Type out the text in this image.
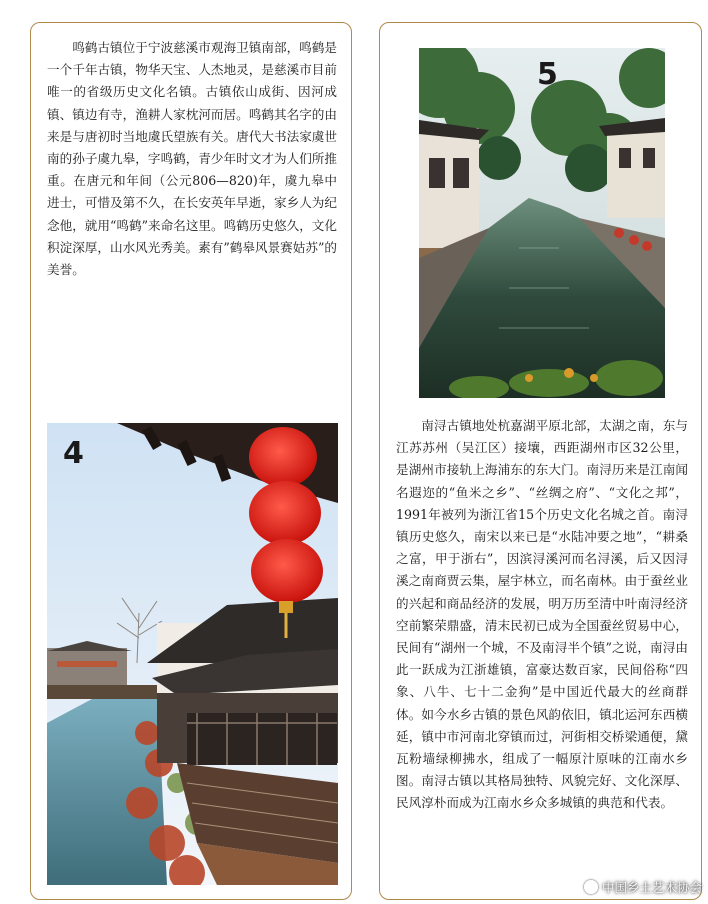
鸣鹤古镇位于宁波慈溪市观海卫镇南部，鸣鹤是一个千年古镇，物华天宝、人杰地灵，是慈溪市目前唯一的省级历史文化名镇。古镇依山成街、因河成镇、镇边有寺，渔耕人家枕河而居。鸣鹤其名字的由来是与唐初时当地虞氏望族有关。唐代大书法家虞世南的孙子虞九皋，字鸣鹤，青少年时文才为人们所推重。在唐元和年间（公元806—820)年，虞九皋中进士，可惜及第不久，在长安英年早逝，家乡人为纪念他，就用“鸣鹤”来命名这里。鸣鹤历史悠久，文化积淀深厚，山水风光秀美。素有”鹤皋风景赛姑苏”的美誉。

4
5

南浔古镇地处杭嘉湖平原北部，太湖之南，东与江苏苏州（吴江区）接壤，西距湖州市区32公里，是湖州市接轨上海浦东的东大门。南浔历来是江南闻名遐迩的“鱼米之乡”、“丝绸之府”、“文化之邦”，1991年被列为浙江省15个历史文化名城之首。南浔镇历史悠久，南宋以来已是“水陆冲要之地”，“耕桑之富，甲于浙右”，因滨浔溪河而名浔溪，后又因浔溪之南商贾云集，屋宇林立，而名南林。由于蚕丝业的兴起和商品经济的发展，明万历至清中叶南浔经济空前繁荣鼎盛，清末民初已成为全国蚕丝贸易中心，民间有“湖州一个城，不及南浔半个镇”之说，南浔由此一跃成为江浙雄镇，富豪达数百家，民间俗称“四象、八牛、七十二金狗”是中国近代最大的丝商群体。如今水乡古镇的景色风韵依旧，镇北运河东西横延，镇中市河南北穿镇而过，河街相交桥梁通便，黛瓦粉墙绿柳拂水，组成了一幅原汁原味的江南水乡图。南浔古镇以其格局独特、风貌完好、文化深厚、民风淳朴而成为江南水乡众多城镇的典范和代表。

中国乡土艺术协会
